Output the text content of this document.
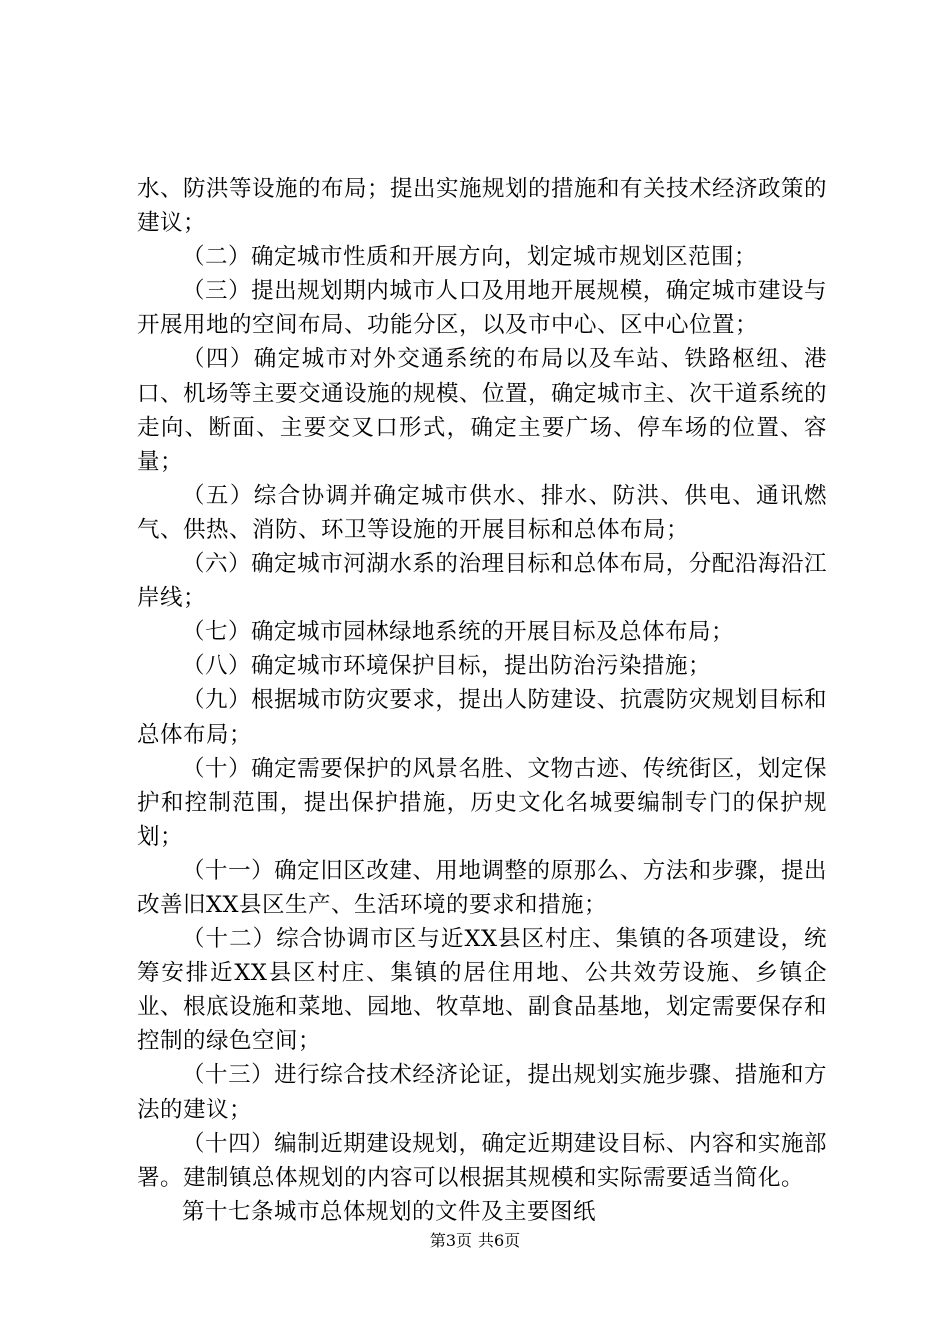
水、防洪等设施的布局；提出实施规划的措施和有关技术经济政策的建议；

（二）确定城市性质和开展方向，划定城市规划区范围；

（三）提出规划期内城市人口及用地开展规模，确定城市建设与开展用地的空间布局、功能分区，以及市中心、区中心位置；

（四）确定城市对外交通系统的布局以及车站、铁路枢纽、港口、机场等主要交通设施的规模、位置，确定城市主、次干道系统的走向、断面、主要交叉口形式，确定主要广场、停车场的位置、容量；

（五）综合协调并确定城市供水、排水、防洪、供电、通讯燃气、供热、消防、环卫等设施的开展目标和总体布局；

（六）确定城市河湖水系的治理目标和总体布局，分配沿海沿江岸线；

（七）确定城市园林绿地系统的开展目标及总体布局；

（八）确定城市环境保护目标，提出防治污染措施；

（九）根据城市防灾要求，提出人防建设、抗震防灾规划目标和总体布局；

（十）确定需要保护的风景名胜、文物古迹、传统街区，划定保护和控制范围，提出保护措施，历史文化名城要编制专门的保护规划；

（十一）确定旧区改建、用地调整的原那么、方法和步骤，提出改善旧XX县区生产、生活环境的要求和措施；

（十二）综合协调市区与近XX县区村庄、集镇的各项建设，统筹安排近XX县区村庄、集镇的居住用地、公共效劳设施、乡镇企业、根底设施和菜地、园地、牧草地、副食品基地，划定需要保存和控制的绿色空间；

（十三）进行综合技术经济论证，提出规划实施步骤、措施和方法的建议；

（十四）编制近期建设规划，确定近期建设目标、内容和实施部署。建制镇总体规划的内容可以根据其规模和实际需要适当简化。

第十七条城市总体规划的文件及主要图纸

第3页 共6页
